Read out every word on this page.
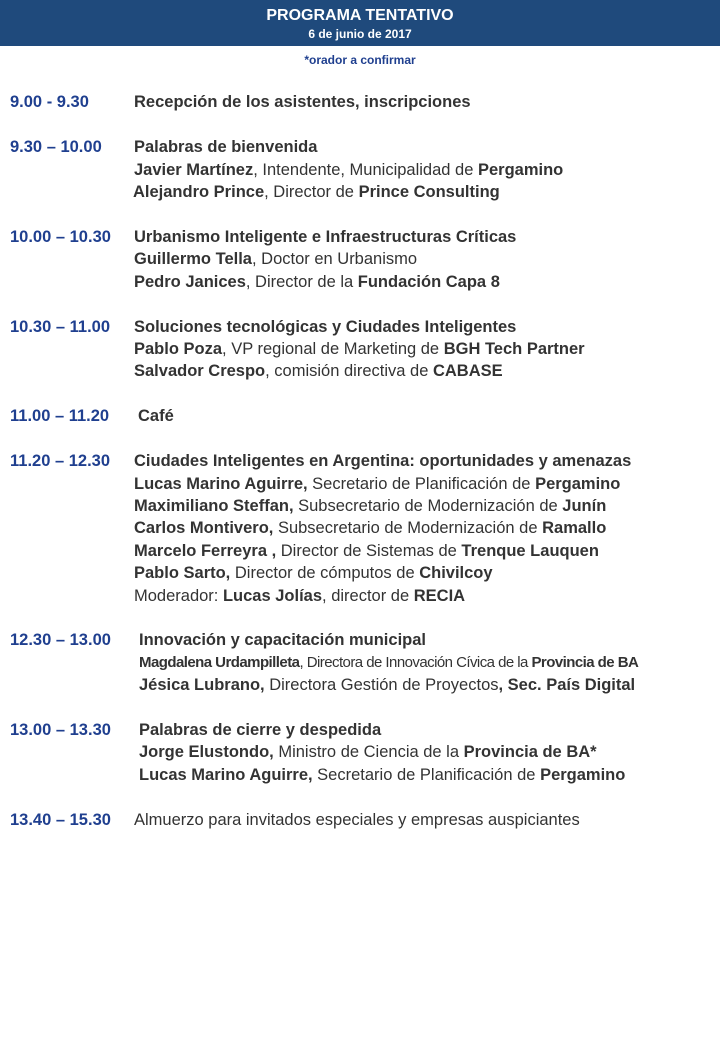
PROGRAMA TENTATIVO
6 de junio de 2017
*orador a confirmar
9.00 - 9.30	Recepción de los asistentes, inscripciones
9.30 – 10.00 Palabras de bienvenida
Javier Martínez, Intendente, Municipalidad de Pergamino
Alejandro Prince, Director de Prince Consulting
10.00 – 10.30 Urbanismo Inteligente e Infraestructuras Críticas
Guillermo Tella, Doctor en Urbanismo
Pedro Janices, Director de la Fundación Capa 8
10.30 – 11.00 Soluciones tecnológicas y Ciudades Inteligentes
Pablo Poza, VP regional de Marketing de BGH Tech Partner
Salvador Crespo, comisión directiva de CABASE
11.00 – 11.20 Café
11.20 – 12.30 Ciudades Inteligentes en Argentina: oportunidades y amenazas
Lucas Marino Aguirre, Secretario de Planificación de Pergamino
Maximiliano Steffan, Subsecretario de Modernización de Junín
Carlos Montivero, Subsecretario de Modernización de Ramallo
Marcelo Ferreyra , Director de Sistemas de Trenque Lauquen
Pablo Sarto, Director de cómputos de Chivilcoy
Moderador: Lucas Jolías, director de RECIA
12.30 – 13.00 Innovación y capacitación municipal
Magdalena Urdampilleta, Directora de Innovación Cívica de la Provincia de BA
Jésica Lubrano, Directora Gestión de Proyectos, Sec. País Digital
13.00 – 13.30 Palabras de cierre y despedida
Jorge Elustondo, Ministro de Ciencia de la Provincia de BA*
Lucas Marino Aguirre, Secretario de Planificación de Pergamino
13.40 – 15.30 Almuerzo para invitados especiales y empresas auspiciantes
